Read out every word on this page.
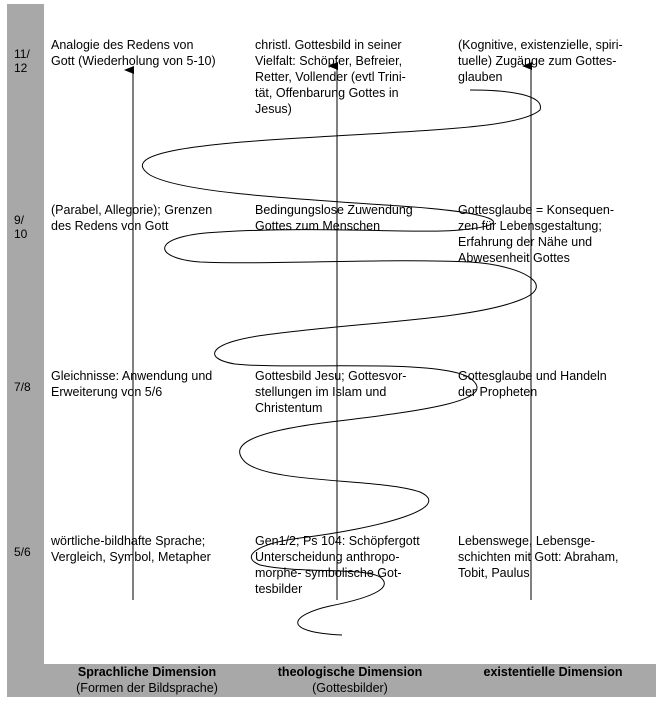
11/
12
9/
10
7/8
5/6
Analogie des Redens von
Gott (Wiederholung von 5-10)
christl. Gottesbild in seiner
Vielfalt: Schöpfer, Befreier,
Retter, Vollender (evtl Trini-
tät, Offenbarung Gottes in
Jesus)
(Kognitive, existenzielle, spiri-
tuelle) Zugänge zum Gottes-
glauben
(Parabel, Allegorie); Grenzen
des Redens von Gott
Bedingungslose Zuwendung
Gottes zum Menschen
Gottesglaube = Konsequen-
zen für Lebensgestaltung;
Erfahrung der Nähe und
Abwesenheit Gottes
Gleichnisse: Anwendung und
Erweiterung von 5/6
Gottesbild Jesu; Gottesvor-
stellungen im Islam und
Christentum
Gottesglaube und Handeln
der Propheten
wörtliche-bildhafte Sprache;
Vergleich, Symbol, Metapher
Gen1/2; Ps 104: Schöpfergott
Unterscheidung anthropo-
morphe- symbolische Got-
tesbilder
Lebenswege, Lebensge-
schichten mit Gott: Abraham,
Tobit, Paulus
Sprachliche Dimension
(Formen der Bildsprache)
theologische Dimension
(Gottesbilder)
existentielle Dimension
